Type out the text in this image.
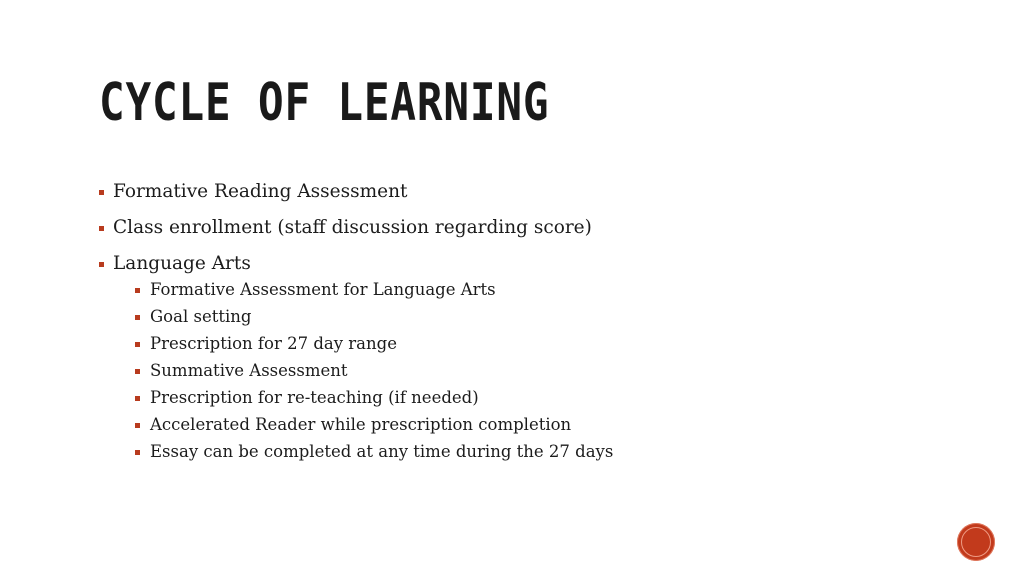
CYCLE OF LEARNING
Formative Reading Assessment
Class enrollment (staff discussion regarding score)
Language Arts
Formative Assessment for Language Arts
Goal setting
Prescription for 27 day range
Summative Assessment
Prescription for re-teaching (if needed)
Accelerated Reader while prescription completion
Essay can be completed at any time during the 27 days
